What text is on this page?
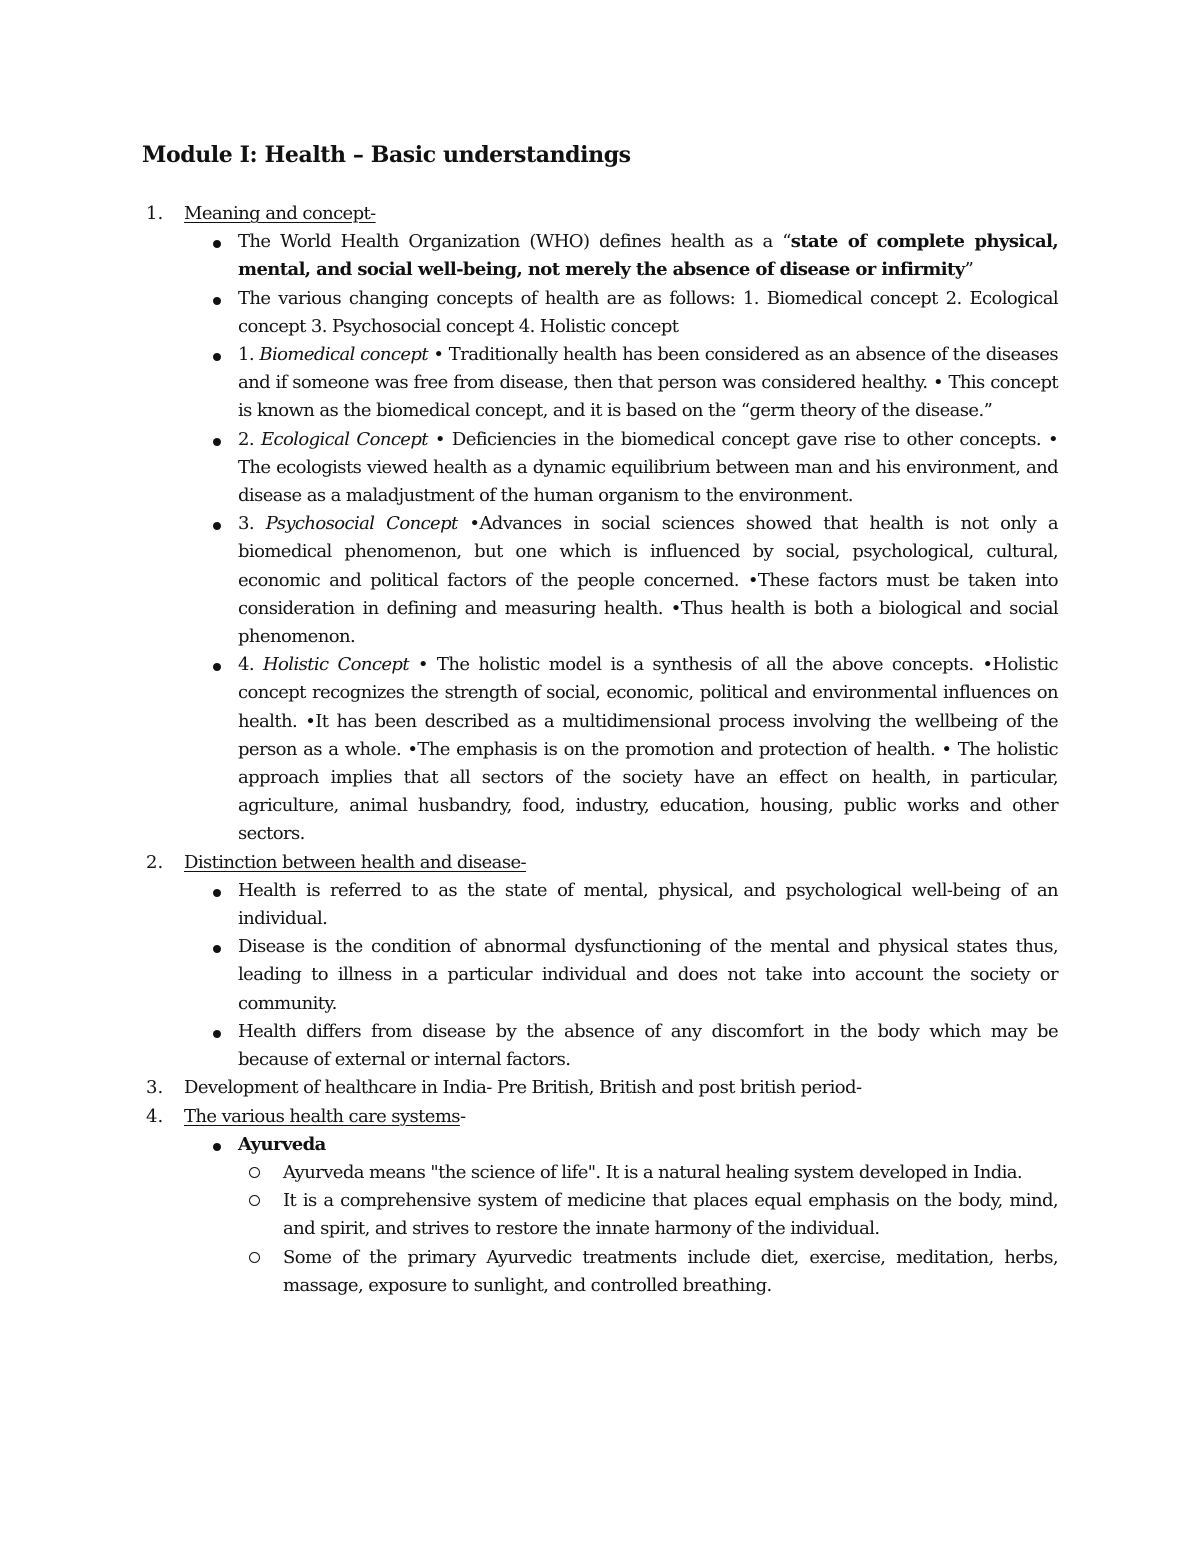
Module I: Health – Basic understandings
1. Meaning and concept-
The World Health Organization (WHO) defines health as a “state of complete physical, mental, and social well-being, not merely the absence of disease or infirmity”
The various changing concepts of health are as follows: 1. Biomedical concept 2. Ecological concept 3. Psychosocial concept 4. Holistic concept
1. Biomedical concept • Traditionally health has been considered as an absence of the diseases and if someone was free from disease, then that person was considered healthy. • This concept is known as the biomedical concept, and it is based on the “germ theory of the disease.”
2. Ecological Concept • Deficiencies in the biomedical concept gave rise to other concepts. • The ecologists viewed health as a dynamic equilibrium between man and his environment, and disease as a maladjustment of the human organism to the environment.
3. Psychosocial Concept •Advances in social sciences showed that health is not only a biomedical phenomenon, but one which is influenced by social, psychological, cultural, economic and political factors of the people concerned. •These factors must be taken into consideration in defining and measuring health. •Thus health is both a biological and social phenomenon.
4. Holistic Concept • The holistic model is a synthesis of all the above concepts. •Holistic concept recognizes the strength of social, economic, political and environmental influences on health. •It has been described as a multidimensional process involving the wellbeing of the person as a whole. •The emphasis is on the promotion and protection of health. • The holistic approach implies that all sectors of the society have an effect on health, in particular, agriculture, animal husbandry, food, industry, education, housing, public works and other sectors.
2. Distinction between health and disease-
Health is referred to as the state of mental, physical, and psychological well-being of an individual.
Disease is the condition of abnormal dysfunctioning of the mental and physical states thus, leading to illness in a particular individual and does not take into account the society or community.
Health differs from disease by the absence of any discomfort in the body which may be because of external or internal factors.
3. Development of healthcare in India- Pre British, British and post british period-
4. The various health care systems-
Ayurveda
Ayurveda means "the science of life". It is a natural healing system developed in India.
It is a comprehensive system of medicine that places equal emphasis on the body, mind, and spirit, and strives to restore the innate harmony of the individual.
Some of the primary Ayurvedic treatments include diet, exercise, meditation, herbs, massage, exposure to sunlight, and controlled breathing.
